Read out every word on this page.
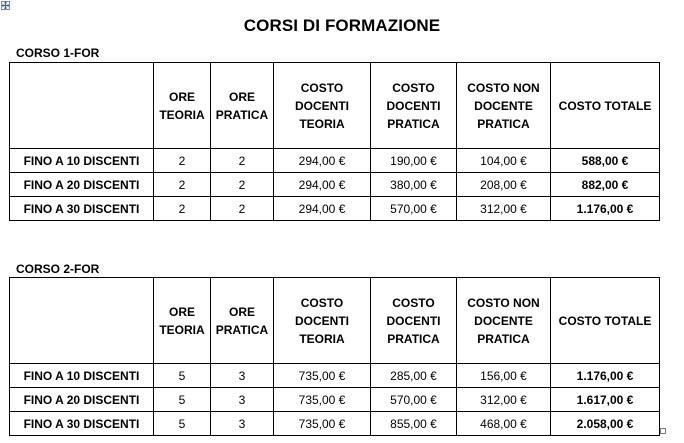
CORSI DI FORMAZIONE
CORSO 1-FOR
	ORE TEORIA	ORE PRATICA	COSTO DOCENTI TEORIA	COSTO DOCENTI PRATICA	COSTO NON DOCENTE PRATICA	COSTO TOTALE
FINO A 10 DISCENTI	2	2	294,00 €	190,00 €	104,00 €	588,00 €
FINO A 20 DISCENTI	2	2	294,00 €	380,00 €	208,00 €	882,00 €
FINO A 30 DISCENTI	2	2	294,00 €	570,00 €	312,00 €	1.176,00 €
CORSO 2-FOR
	ORE TEORIA	ORE PRATICA	COSTO DOCENTI TEORIA	COSTO DOCENTI PRATICA	COSTO NON DOCENTE PRATICA	COSTO TOTALE
FINO A 10 DISCENTI	5	3	735,00 €	285,00 €	156,00 €	1.176,00 €
FINO A 20 DISCENTI	5	3	735,00 €	570,00 €	312,00 €	1.617,00 €
FINO A 30 DISCENTI	5	3	735,00 €	855,00 €	468,00 €	2.058,00 €
